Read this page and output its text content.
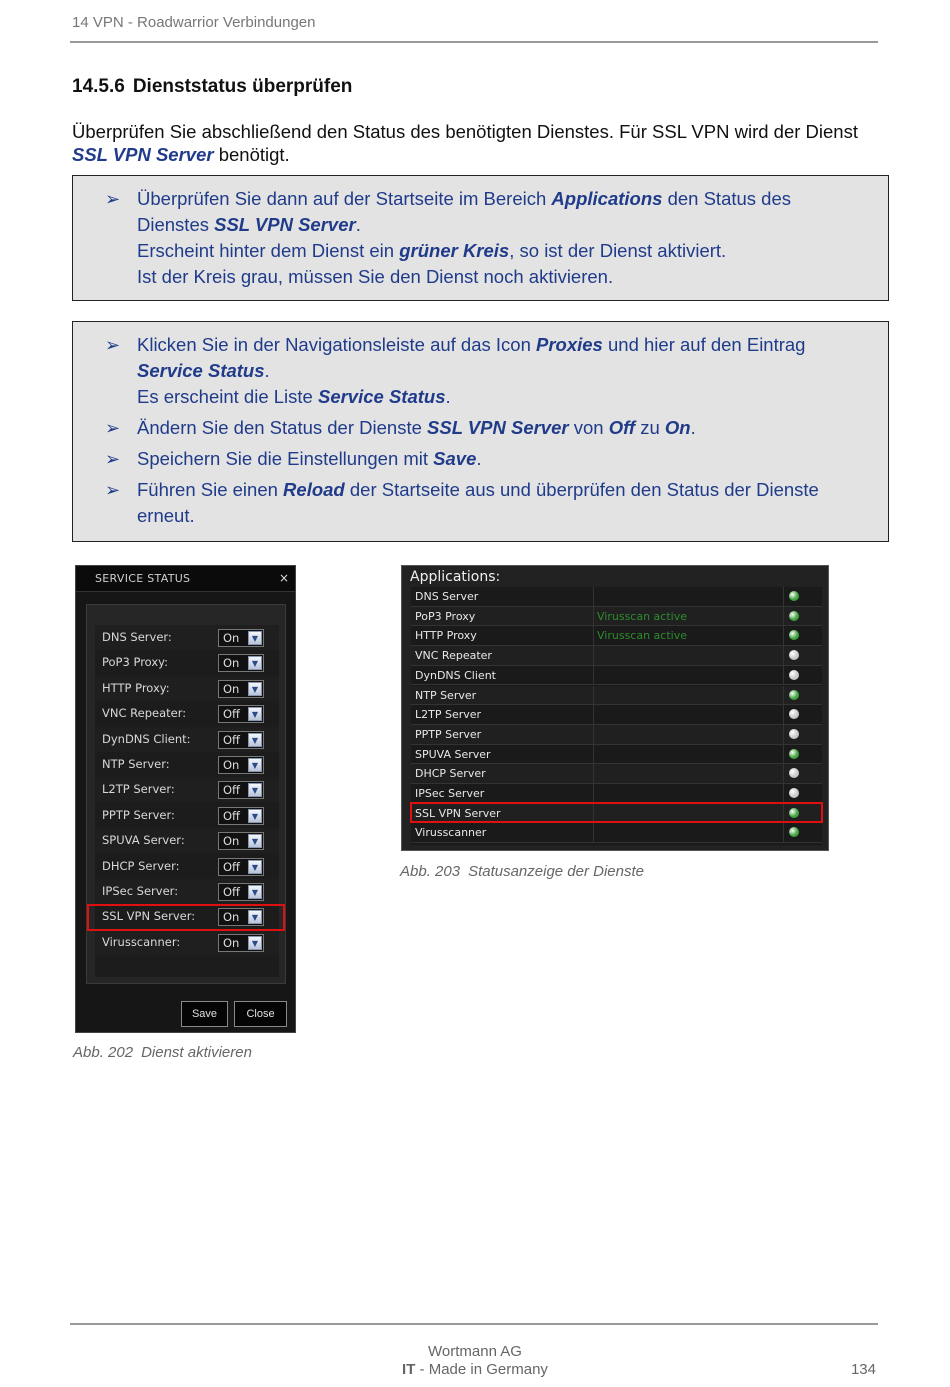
14 VPN - Roadwarrior Verbindungen
14.5.6 Dienststatus überprüfen

Überprüfen Sie abschließend den Status des benötigten Dienstes. Für SSL VPN wird der Dienst SSL VPN Server benötigt.

➢ Überprüfen Sie dann auf der Startseite im Bereich Applications den Status des Dienstes SSL VPN Server.
Erscheint hinter dem Dienst ein grüner Kreis, so ist der Dienst aktiviert.
Ist der Kreis grau, müssen Sie den Dienst noch aktivieren.
➢ Klicken Sie in der Navigationsleiste auf das Icon Proxies und hier auf den Eintrag Service Status.
Es erscheint die Liste Service Status.
➢ Ändern Sie den Status der Dienste SSL VPN Server von Off zu On.
➢ Speichern Sie die Einstellungen mit Save.
➢ Führen Sie einen Reload der Startseite aus und überprüfen den Status der Dienste erneut.
SERVICE STATUS	×
DNS Server:	On	▼
PoP3 Proxy:	On	▼
HTTP Proxy:	On	▼
VNC Repeater:	Off	▼
DynDNS Client:	Off	▼
NTP Server:	On	▼
L2TP Server:	Off	▼
PPTP Server:	Off	▼
SPUVA Server:	On	▼
DHCP Server:	Off	▼
IPSec Server:	Off	▼
SSL VPN Server:	On	▼
Virusscanner:	On	▼
Save	Close
Applications:
DNS Server
PoP3 Proxy	Virusscan active
HTTP Proxy	Virusscan active
VNC Repeater
DynDNS Client
NTP Server
L2TP Server
PPTP Server
SPUVA Server
DHCP Server
IPSec Server
SSL VPN Server
Virusscanner
Abb. 202 Dienst aktivieren
Abb. 203 Statusanzeige der Dienste
Wortmann AG
IT - Made in Germany	134
